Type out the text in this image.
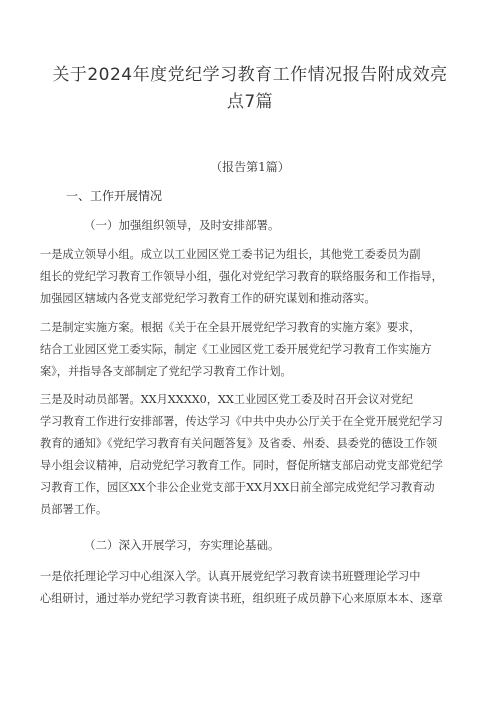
关于2024年度党纪学习教育工作情况报告附成效亮
点7篇
（报告第1篇）
一、工作开展情况
（一）加强组织领导，及时安排部署。
一是成立领导小组。成立以工业园区党工委书记为组长，其他党工委委员为副
组长的党纪学习教育工作领导小组，强化对党纪学习教育的联络服务和工作指导，
加强园区辖域内各党支部党纪学习教育工作的研究谋划和推动落实。
二是制定实施方案。根据《关于在全县开展党纪学习教育的实施方案》要求，
结合工业园区党工委实际，制定《工业园区党工委开展党纪学习教育工作实施方
案》，并指导各支部制定了党纪学习教育工作计划。
三是及时动员部署。XX月XXXX0，XX工业园区党工委及时召开会议对党纪
学习教育工作进行安排部署，传达学习《中共中央办公厅关于在全党开展党纪学习
教育的通知》《党纪学习教育有关问题答复》及省委、州委、县委党的德设工作领
导小组会议精神，启动党纪学习教育工作。同时，督促所辖支部启动党支部党纪学
习教育工作，园区XX个非公企业党支部于XX月XX日前全部完成党纪学习教育动
员部署工作。
（二）深入开展学习，夯实理论基础。
一是依托理论学习中心组深入学。认真开展党纪学习教育读书班暨理论学习中
心组研讨，通过举办党纪学习教育读书班，组织班子成员静下心来原原本本、逐章
